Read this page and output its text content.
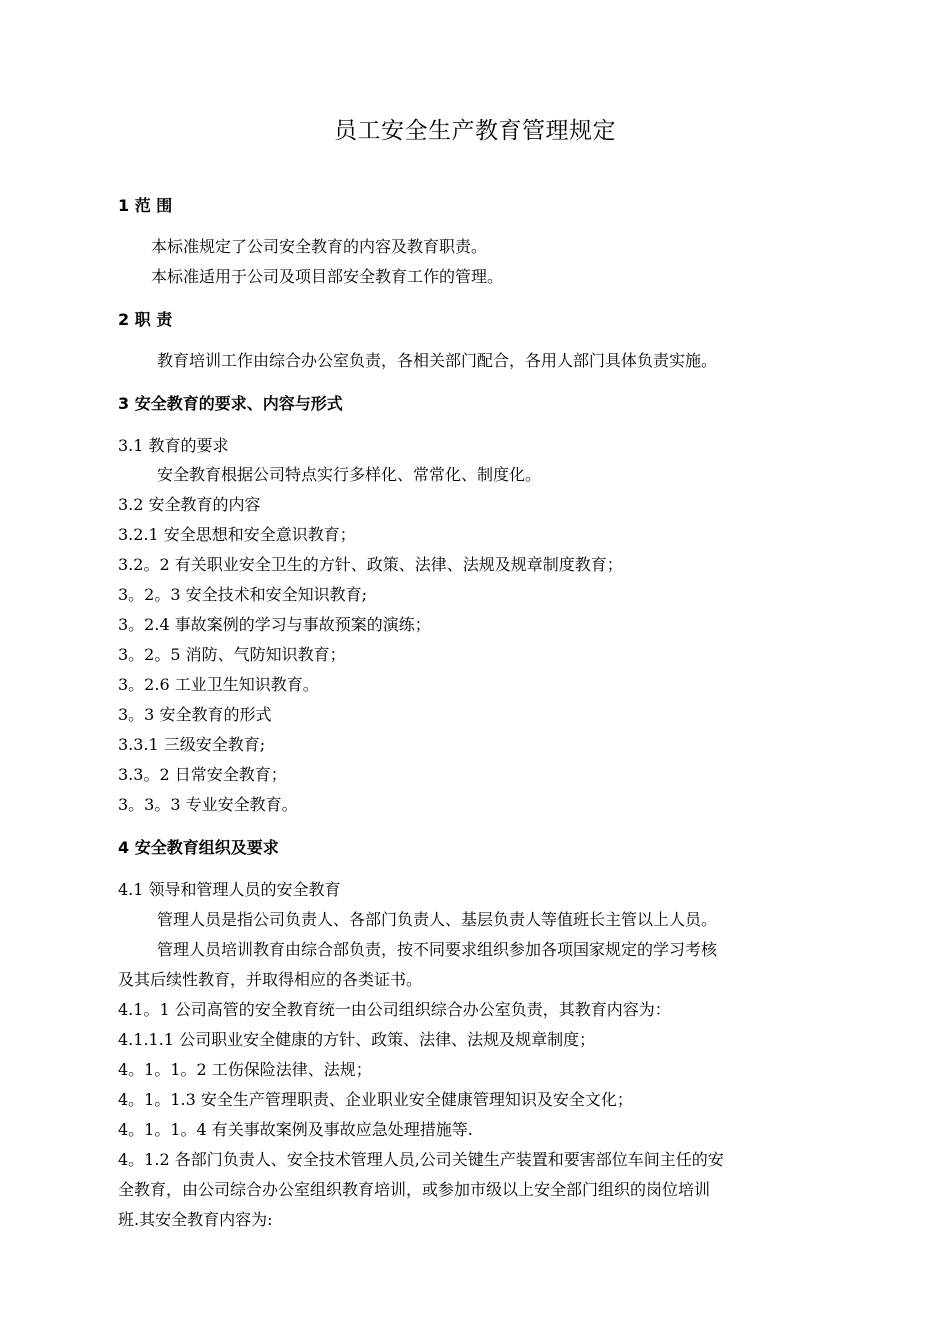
员工安全生产教育管理规定
1 范 围
本标准规定了公司安全教育的内容及教育职责。
本标准适用于公司及项目部安全教育工作的管理。
2 职 责
教育培训工作由综合办公室负责，各相关部门配合，各用人部门具体负责实施。
3 安全教育的要求、内容与形式
3.1 教育的要求
安全教育根据公司特点实行多样化、常常化、制度化。
3.2 安全教育的内容
3.2.1 安全思想和安全意识教育；
3.2。2 有关职业安全卫生的方针、政策、法律、法规及规章制度教育；
3。2。3 安全技术和安全知识教育;
3。2.4 事故案例的学习与事故预案的演练；
3。2。5 消防、气防知识教育；
3。2.6 工业卫生知识教育。
3。3 安全教育的形式
3.3.1 三级安全教育;
3.3。2 日常安全教育；
3。3。3 专业安全教育。
4 安全教育组织及要求
4.1 领导和管理人员的安全教育
管理人员是指公司负责人、各部门负责人、基层负责人等值班长主管以上人员。
管理人员培训教育由综合部负责，按不同要求组织参加各项国家规定的学习考核
及其后续性教育，并取得相应的各类证书。
4.1。1 公司高管的安全教育统一由公司组织综合办公室负责，其教育内容为：
4.1.1.1 公司职业安全健康的方针、政策、法律、法规及规章制度；
4。1。1。2 工伤保险法律、法规；
4。1。1.3 安全生产管理职责、企业职业安全健康管理知识及安全文化；
4。1。1。4 有关事故案例及事故应急处理措施等.
4。1.2 各部门负责人、安全技术管理人员,公司关键生产装置和要害部位车间主任的安
全教育，由公司综合办公室组织教育培训，或参加市级以上安全部门组织的岗位培训
班.其安全教育内容为:
